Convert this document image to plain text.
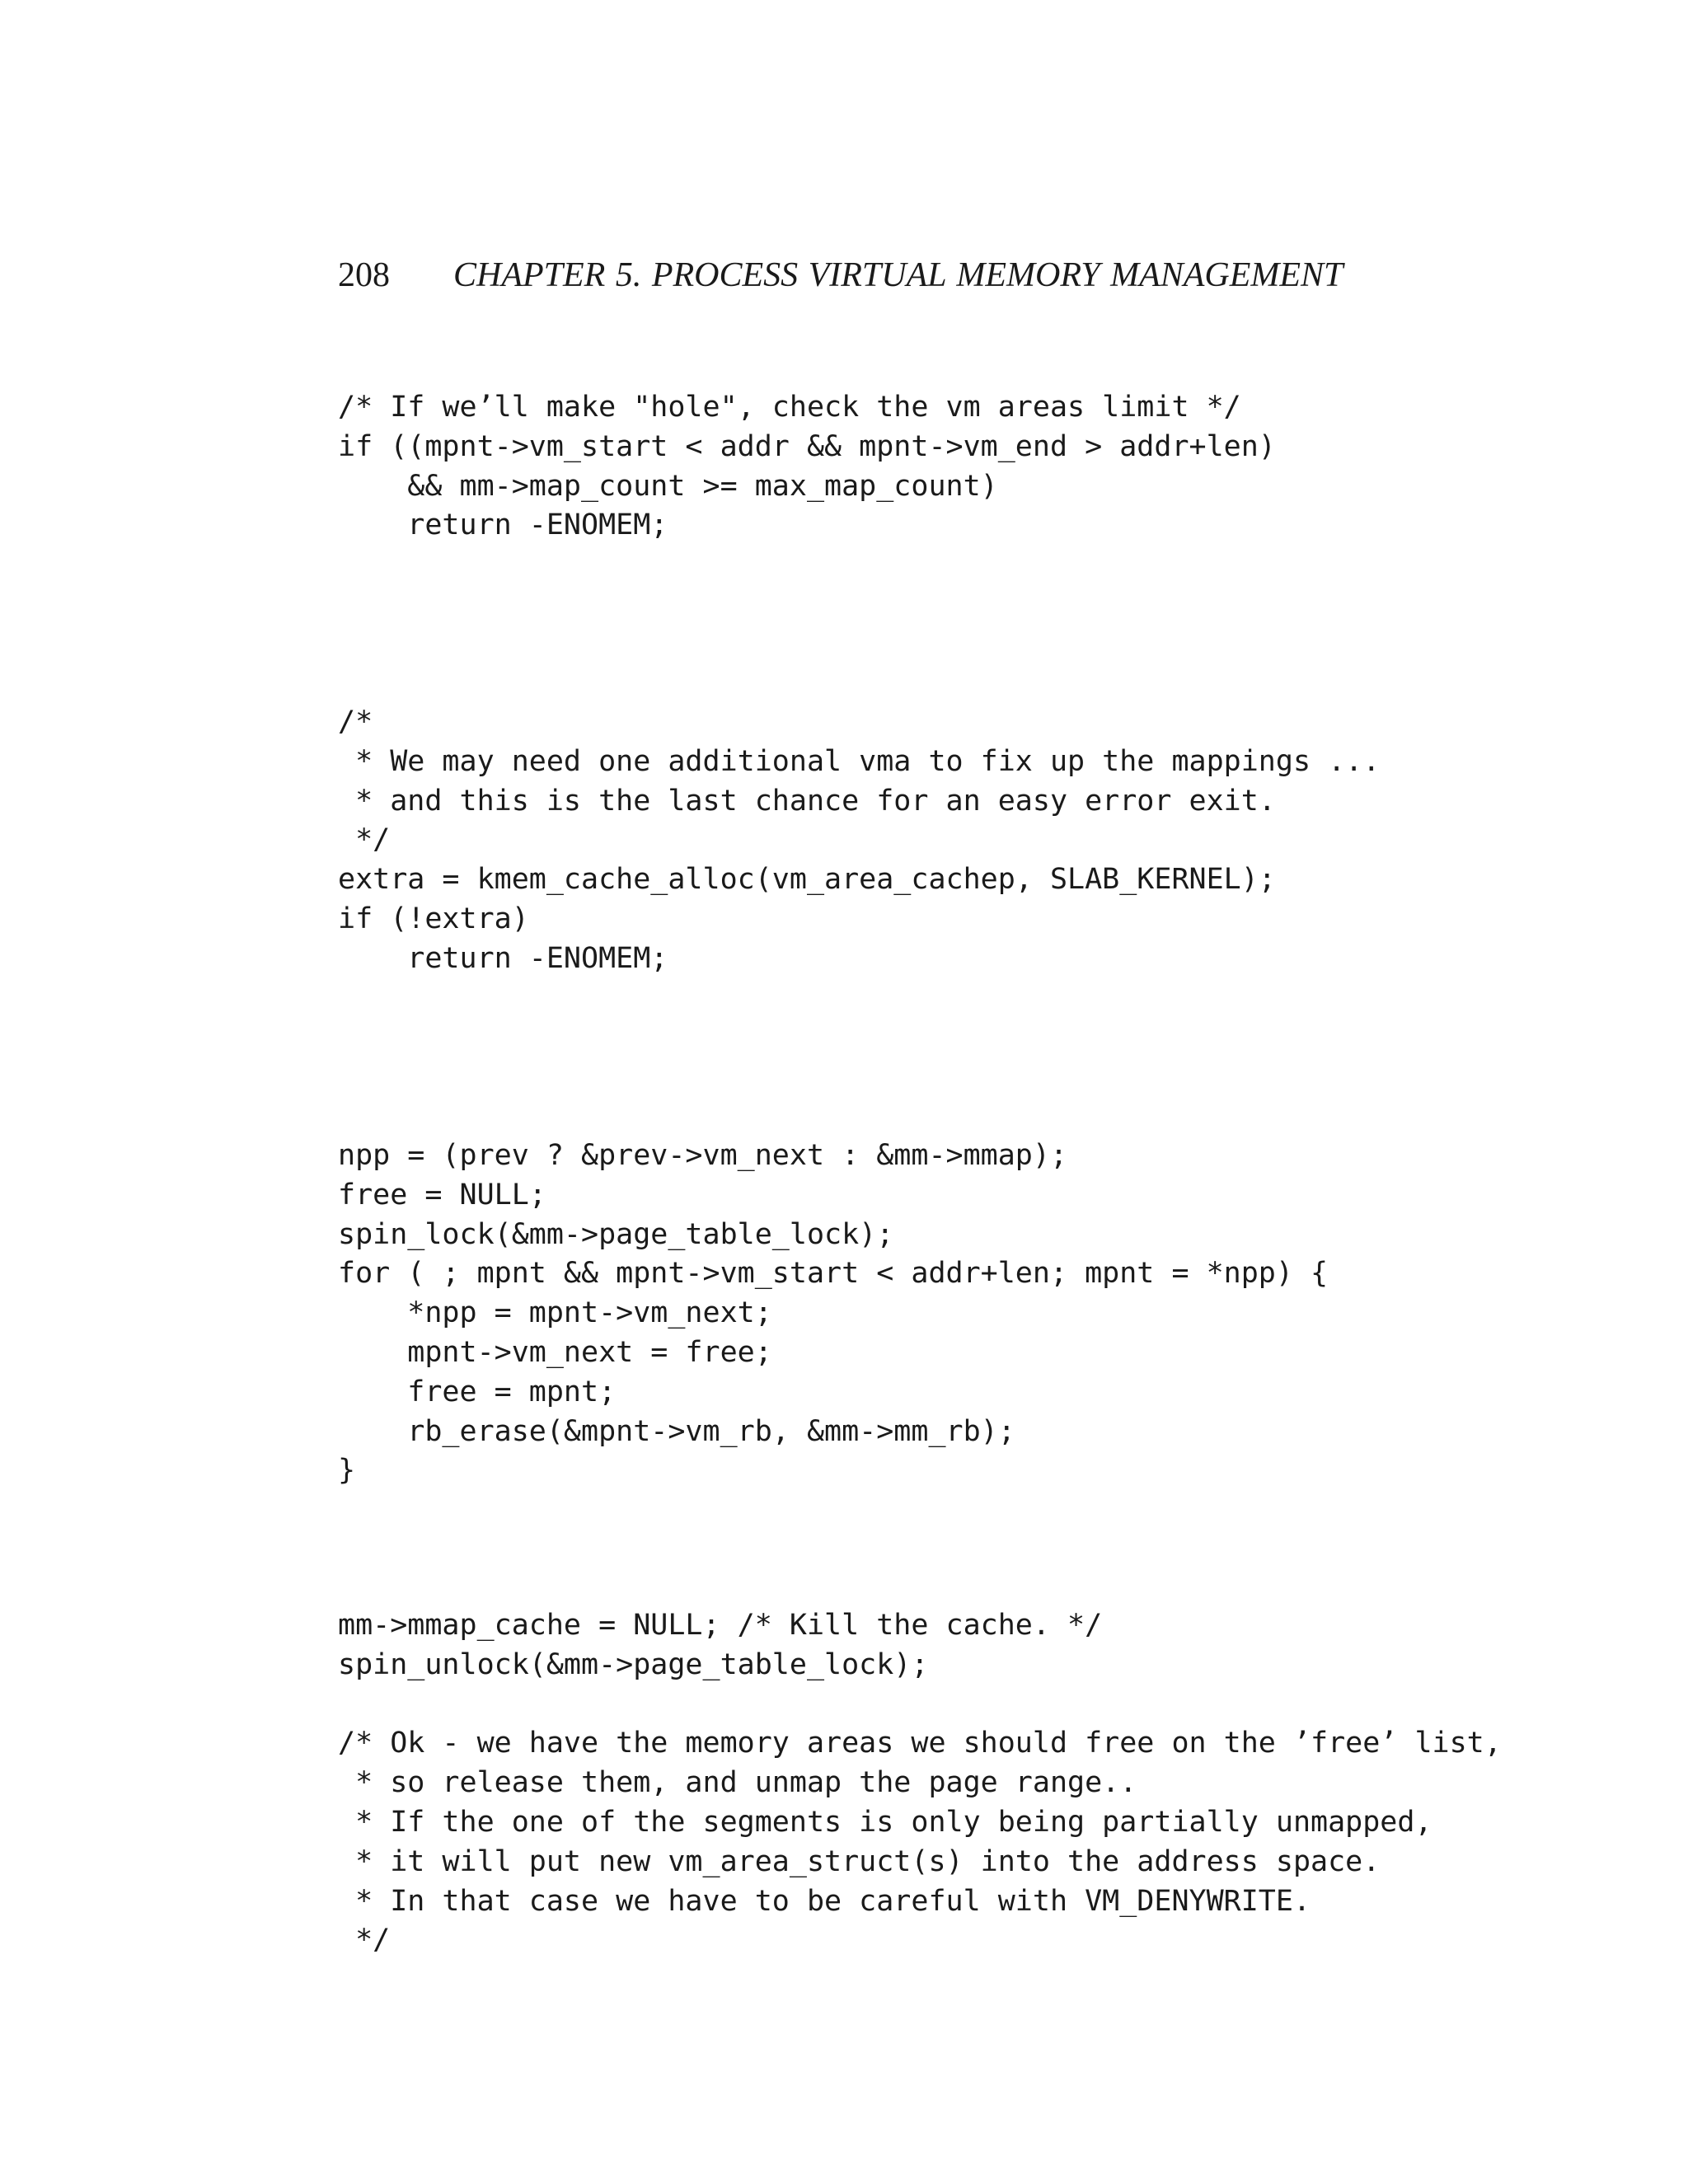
208 CHAPTER 5. PROCESS VIRTUAL MEMORY MANAGEMENT
/* If we’ll make "hole", check the vm areas limit */
if ((mpnt->vm_start < addr && mpnt->vm_end > addr+len)
&& mm->map_count >= max_map_count)
return -ENOMEM;
/*
* We may need one additional vma to fix up the mappings ...
* and this is the last chance for an easy error exit.
*/
extra = kmem_cache_alloc(vm_area_cachep, SLAB_KERNEL);
if (!extra)
return -ENOMEM;
npp = (prev ? &prev->vm_next : &mm->mmap);
free = NULL;
spin_lock(&mm->page_table_lock);
for ( ; mpnt && mpnt->vm_start < addr+len; mpnt = *npp) {
*npp = mpnt->vm_next;
mpnt->vm_next = free;
free = mpnt;
rb_erase(&mpnt->vm_rb, &mm->mm_rb);
}
mm->mmap_cache = NULL; /* Kill the cache. */
spin_unlock(&mm->page_table_lock);
/* Ok - we have the memory areas we should free on the ’free’ list,
* so release them, and unmap the page range..
* If the one of the segments is only being partially unmapped,
* it will put new vm_area_struct(s) into the address space.
* In that case we have to be careful with VM_DENYWRITE.
*/
